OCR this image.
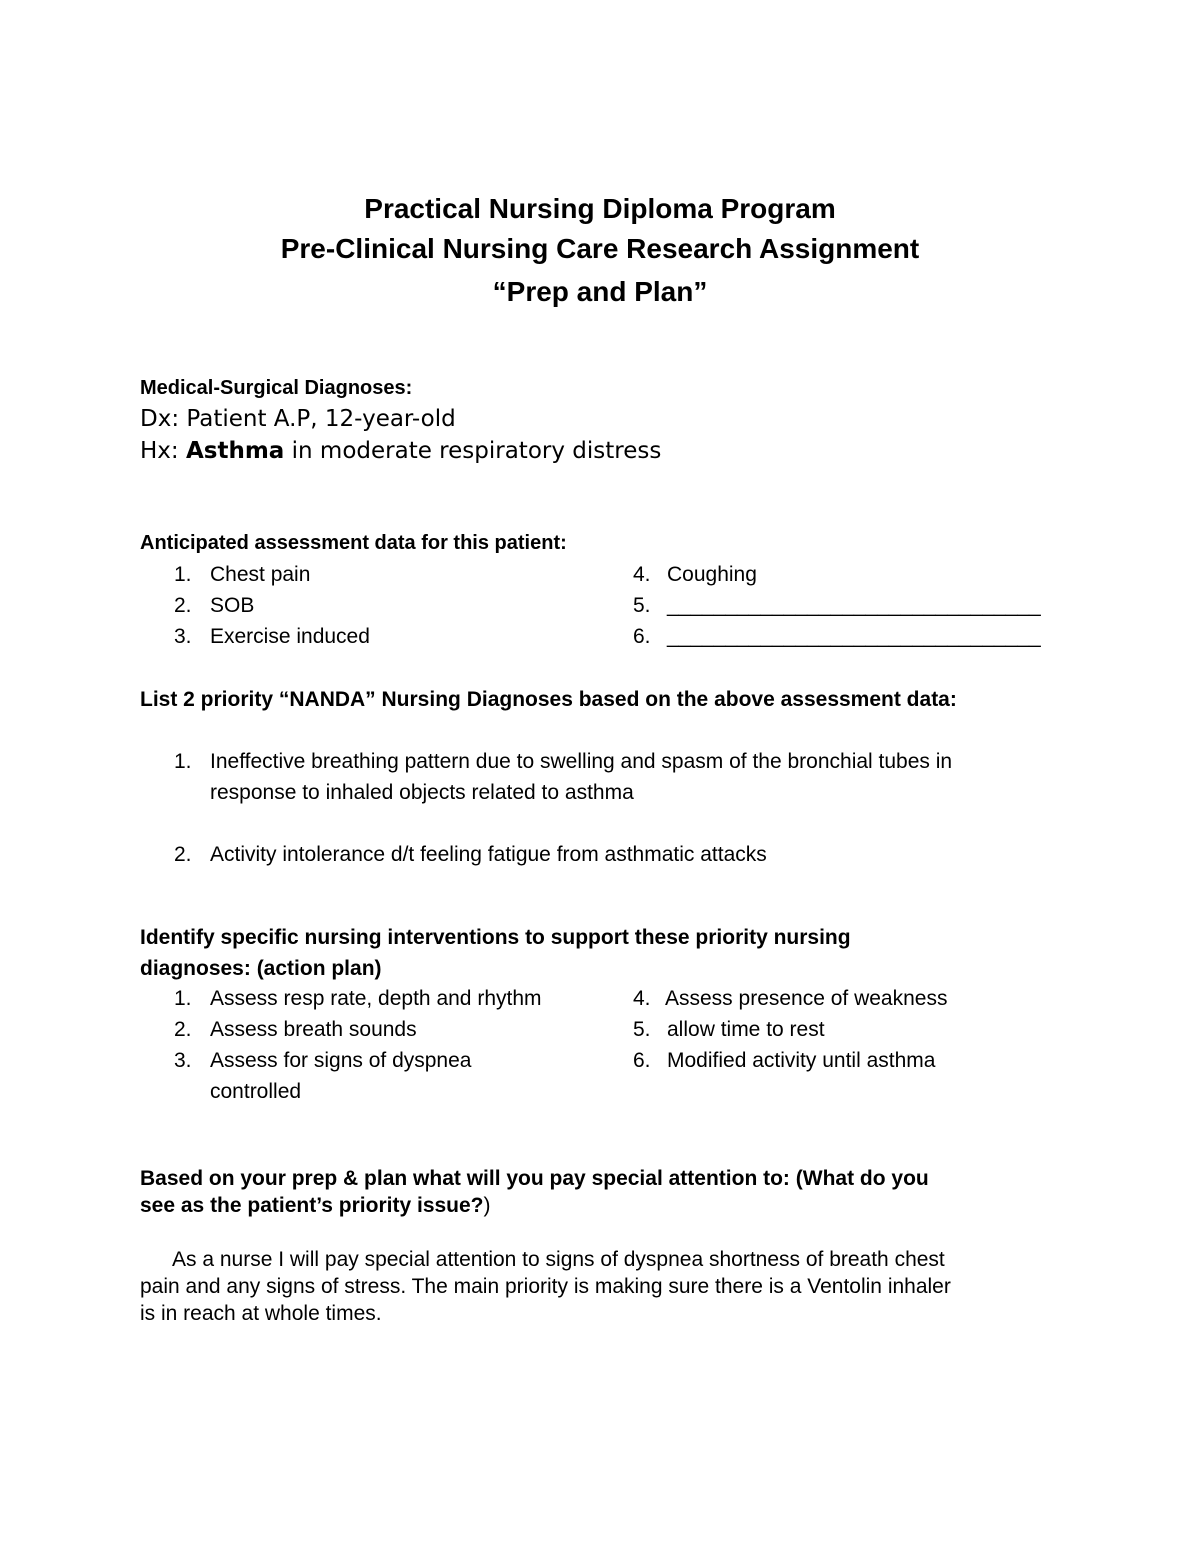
Practical Nursing Diploma Program
Pre-Clinical Nursing Care Research Assignment
“Prep and Plan”
Medical-Surgical Diagnoses:
Dx: Patient A.P, 12-year-old
Hx: Asthma in moderate respiratory distress
Anticipated assessment data for this patient:
1. Chest pain
2. SOB
3. Exercise induced
4. Coughing
5. ________________________________
6. ________________________________
List 2 priority “NANDA” Nursing Diagnoses based on the above assessment data:
1. Ineffective breathing pattern due to swelling and spasm of the bronchial tubes in
response to inhaled objects related to asthma
2. Activity intolerance d/t feeling fatigue from asthmatic attacks
Identify specific nursing interventions to support these priority nursing
diagnoses: (action plan)
1. Assess resp rate, depth and rhythm
2. Assess breath sounds
3. Assess for signs of dyspnea
controlled
4. Assess presence of weakness
5. allow time to rest
6. Modified activity until asthma
Based on your prep & plan what will you pay special attention to: (What do you
see as the patient’s priority issue?)
As a nurse I will pay special attention to signs of dyspnea shortness of breath chest
pain and any signs of stress. The main priority is making sure there is a Ventolin inhaler
is in reach at whole times.
